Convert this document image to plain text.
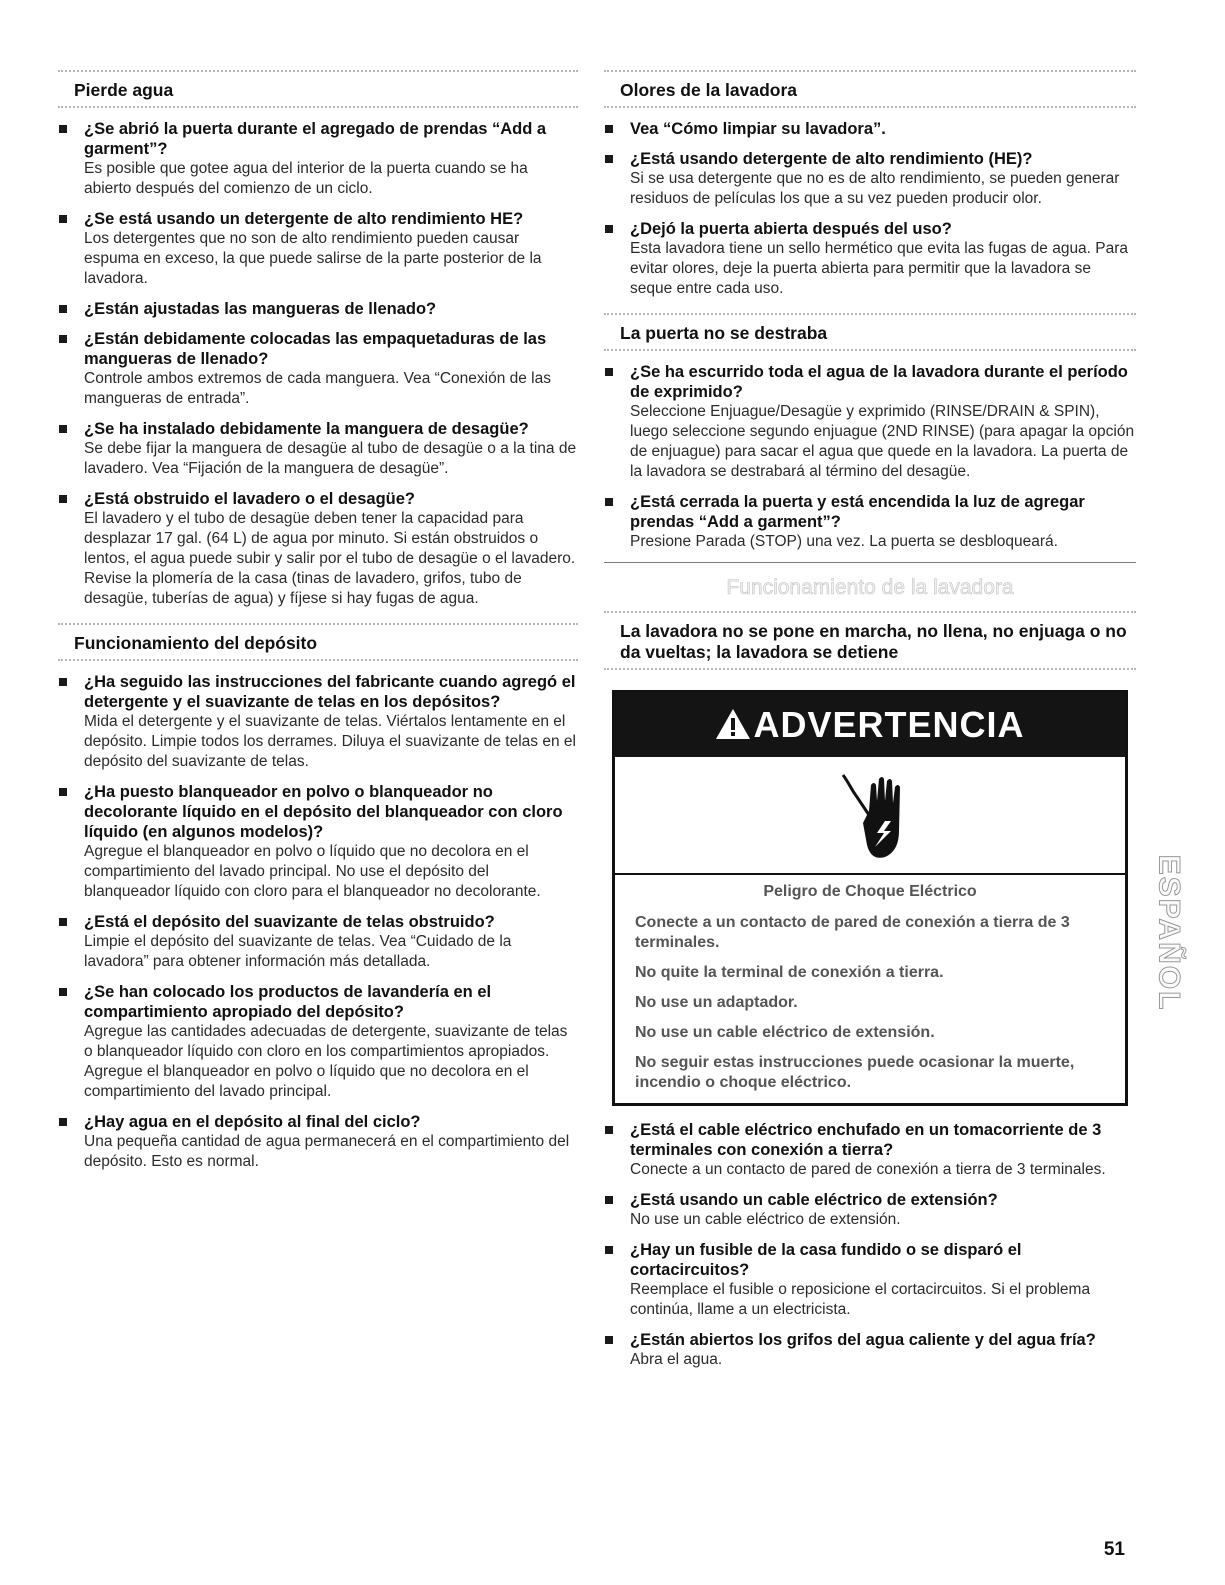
Pierde agua
¿Se abrió la puerta durante el agregado de prendas “Add a garment”?
Es posible que gotee agua del interior de la puerta cuando se ha abierto después del comienzo de un ciclo.
¿Se está usando un detergente de alto rendimiento HE?
Los detergentes que no son de alto rendimiento pueden causar espuma en exceso, la que puede salirse de la parte posterior de la lavadora.
¿Están ajustadas las mangueras de llenado?
¿Están debidamente colocadas las empaquetaduras de las mangueras de llenado?
Controle ambos extremos de cada manguera. Vea “Conexión de las mangueras de entrada”.
¿Se ha instalado debidamente la manguera de desagüe?
Se debe fijar la manguera de desagüe al tubo de desagüe o a la tina de lavadero. Vea “Fijación de la manguera de desagüe”.
¿Está obstruido el lavadero o el desagüe?
El lavadero y el tubo de desagüe deben tener la capacidad para desplazar 17 gal. (64 L) de agua por minuto. Si están obstruidos o lentos, el agua puede subir y salir por el tubo de desagüe o el lavadero. Revise la plomería de la casa (tinas de lavadero, grifos, tubo de desagüe, tuberías de agua) y fíjese si hay fugas de agua.
Funcionamiento del depósito
¿Ha seguido las instrucciones del fabricante cuando agregó el detergente y el suavizante de telas en los depósitos?
Mida el detergente y el suavizante de telas. Viértalos lentamente en el depósito. Limpie todos los derrames. Diluya el suavizante de telas en el depósito del suavizante de telas.
¿Ha puesto blanqueador en polvo o blanqueador no decolorante líquido en el depósito del blanqueador con cloro líquido (en algunos modelos)?
Agregue el blanqueador en polvo o líquido que no decolora en el compartimiento del lavado principal. No use el depósito del blanqueador líquido con cloro para el blanqueador no decolorante.
¿Está el depósito del suavizante de telas obstruido?
Limpie el depósito del suavizante de telas. Vea “Cuidado de la lavadora” para obtener información más detallada.
¿Se han colocado los productos de lavandería en el compartimiento apropiado del depósito?
Agregue las cantidades adecuadas de detergente, suavizante de telas o blanqueador líquido con cloro en los compartimientos apropiados. Agregue el blanqueador en polvo o líquido que no decolora en el compartimiento del lavado principal.
¿Hay agua en el depósito al final del ciclo?
Una pequeña cantidad de agua permanecerá en el compartimiento del depósito. Esto es normal.
Olores de la lavadora
Vea “Cómo limpiar su lavadora”.
¿Está usando detergente de alto rendimiento (HE)?
Si se usa detergente que no es de alto rendimiento, se pueden generar residuos de películas los que a su vez pueden producir olor.
¿Dejó la puerta abierta después del uso?
Esta lavadora tiene un sello hermético que evita las fugas de agua. Para evitar olores, deje la puerta abierta para permitir que la lavadora se seque entre cada uso.
La puerta no se destraba
¿Se ha escurrido toda el agua de la lavadora durante el período de exprimido?
Seleccione Enjuague/Desagüe y exprimido (RINSE/DRAIN & SPIN), luego seleccione segundo enjuague (2ND RINSE) (para apagar la opción de enjuague) para sacar el agua que quede en la lavadora. La puerta de la lavadora se destrabará al término del desagüe.
¿Está cerrada la puerta y está encendida la luz de agregar prendas “Add a garment”?
Presione Parada (STOP) una vez. La puerta se desbloqueará.
Funcionamiento de la lavadora
La lavadora no se pone en marcha, no llena, no enjuaga o no da vueltas; la lavadora se detiene
ADVERTENCIA
Peligro de Choque Eléctrico

Conecte a un contacto de pared de conexión a tierra de 3 terminales.

No quite la terminal de conexión a tierra.

No use un adaptador.

No use un cable eléctrico de extensión.

No seguir estas instrucciones puede ocasionar la muerte, incendio o choque eléctrico.

¿Está el cable eléctrico enchufado en un tomacorriente de 3 terminales con conexión a tierra?
Conecte a un contacto de pared de conexión a tierra de 3 terminales.
¿Está usando un cable eléctrico de extensión?
No use un cable eléctrico de extensión.
¿Hay un fusible de la casa fundido o se disparó el cortacircuitos?
Reemplace el fusible o reposicione el cortacircuitos. Si el problema continúa, llame a un electricista.
¿Están abiertos los grifos del agua caliente y del agua fría?
Abra el agua.
ESPAÑOL
51
